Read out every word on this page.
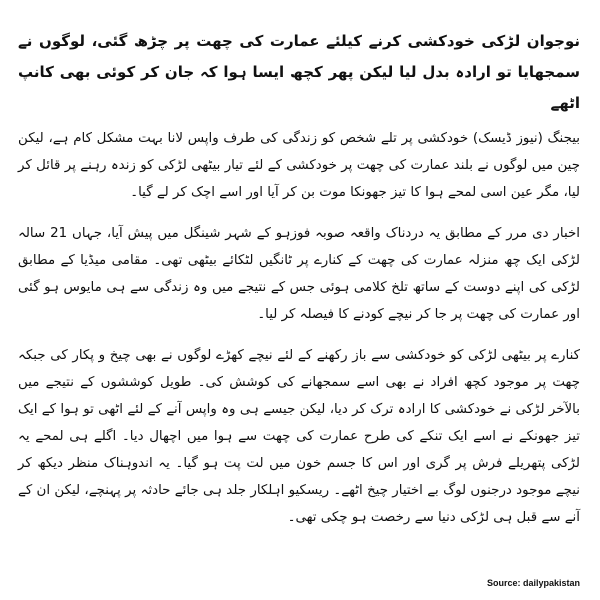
نوجوان لڑکی خودکشی کرنے کیلئے عمارت کی چھت پر چڑھ گئی، لوگوں نے سمجھایا تو ارادہ بدل لیا لیکن پھر کچھ ایسا ہوا کہ جان کر کوئی بھی کانپ اٹھے

بیجنگ (نیوز ڈیسک) خودکشی پر تلے شخص کو زندگی کی طرف واپس لانا بہت مشکل کام ہے، لیکن چین میں لوگوں نے بلند عمارت کی چھت پر خودکشی کے لئے تیار بیٹھی لڑکی کو زندہ رہنے پر قائل کر لیا، مگر عین اسی لمحے ہوا کا تیز جھونکا موت بن کر آیا اور اسے اچک کر لے گیا۔

اخبار دی مرر کے مطابق یہ دردناک واقعہ صوبہ فوزہو کے شہر شینگل میں پیش آیا، جہاں 21 سالہ لڑکی ایک چھ منزلہ عمارت کی چھت کے کنارے پر ٹانگیں لٹکائے بیٹھی تھی۔ مقامی میڈیا کے مطابق لڑکی کی اپنے دوست کے ساتھ تلخ کلامی ہوئی جس کے نتیجے میں وہ زندگی سے ہی مایوس ہو گئی اور عمارت کی چھت پر جا کر نیچے کودنے کا فیصلہ کر لیا۔

کنارے پر بیٹھی لڑکی کو خودکشی سے باز رکھنے کے لئے نیچے کھڑے لوگوں نے بھی چیخ و پکار کی جبکہ چھت پر موجود کچھ افراد نے بھی اسے سمجھانے کی کوشش کی۔ طویل کوششوں کے نتیجے میں بالآخر لڑکی نے خودکشی کا ارادہ ترک کر دیا، لیکن جیسے ہی وہ واپس آنے کے لئے اٹھی تو ہوا کے ایک تیز جھونکے نے اسے ایک تنکے کی طرح عمارت کی چھت سے ہوا میں اچھال دیا۔ اگلے ہی لمحے یہ لڑکی پتھریلے فرش پر گری اور اس کا جسم خون میں لت پت ہو گیا۔ یہ اندوہناک منظر دیکھ کر نیچے موجود درجنوں لوگ بے اختیار چیخ اٹھے۔ ریسکیو اہلکار جلد ہی جائے حادثہ پر پہنچے، لیکن ان کے آنے سے قبل ہی لڑکی دنیا سے رخصت ہو چکی تھی۔

Source: dailypakistan
